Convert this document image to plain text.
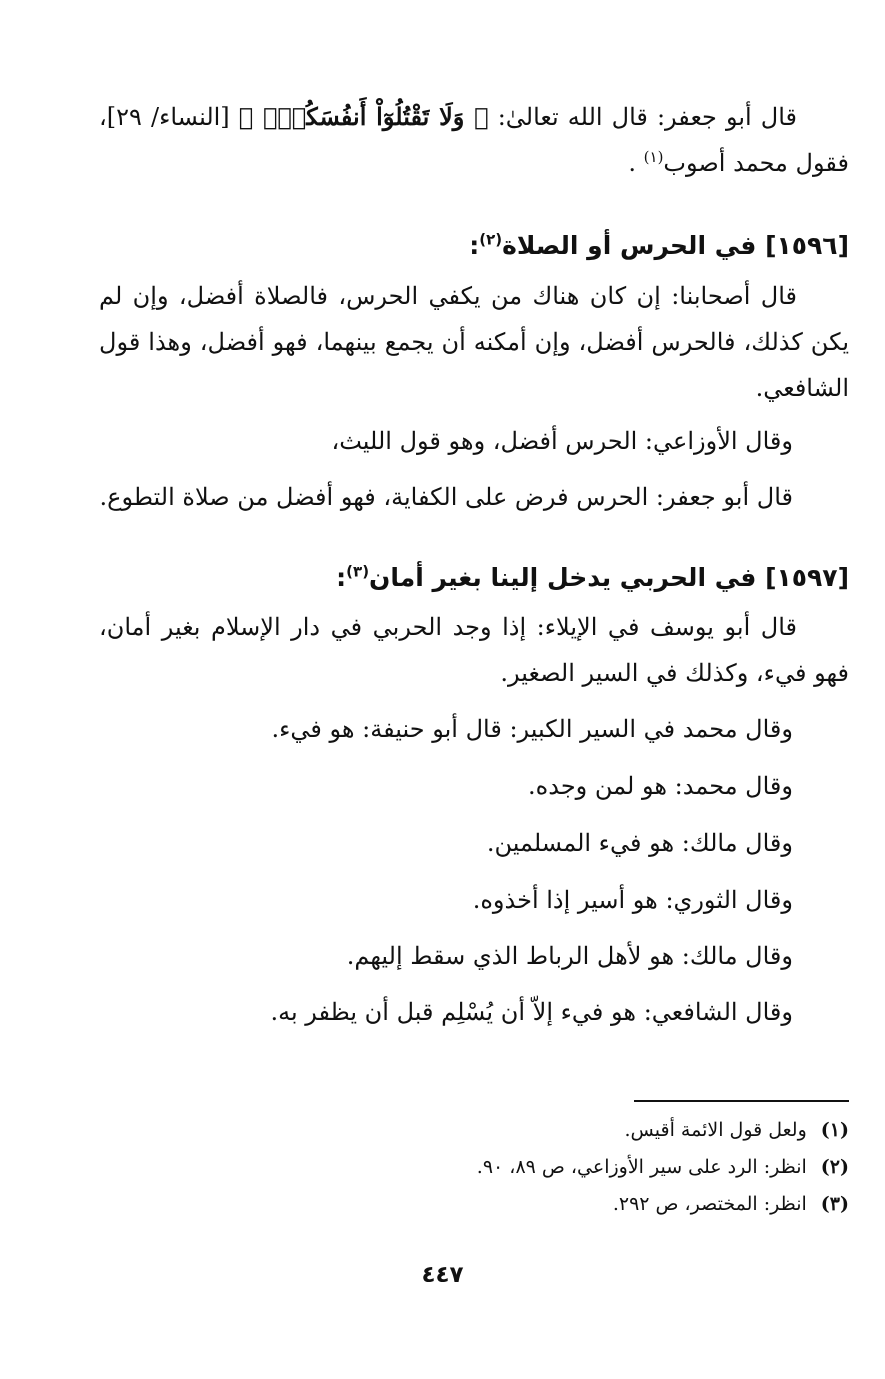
قال أبو جعفر: قال الله تعالىٰ: ﴿ وَلَا تَقْتُلُوٓاْ أَنفُسَكُمْۚ ﴾ [النساء/ ٢٩]، فقول محمد أصوب$^{(١)}$ .

[١٥٩٦] في الحرس أو الصلاة$^{(٢)}$:

قال أصحابنا: إن كان هناك من يكفي الحرس، فالصلاة أفضل، وإن لم يكن كذلك، فالحرس أفضل، وإن أمكنه أن يجمع بينهما، فهو أفضل، وهذا قول الشافعي.

وقال الأوزاعي: الحرس أفضل، وهو قول الليث،

قال أبو جعفر: الحرس فرض على الكفاية، فهو أفضل من صلاة التطوع.

[١٥٩٧] في الحربي يدخل إلينا بغير أمان$^{(٣)}$:

قال أبو يوسف في الإيلاء: إذا وجد الحربي في دار الإسلام بغير أمان، فهو فيء، وكذلك في السير الصغير.

وقال محمد في السير الكبير: قال أبو حنيفة: هو فيء.

وقال محمد: هو لمن وجده.

وقال مالك: هو فيء المسلمين.

وقال الثوري: هو أسير إذا أخذوه.

وقال مالك: هو لأهل الرباط الذي سقط إليهم.

وقال الشافعي: هو فيء إلاّ أن يُسْلِم قبل أن يظفر به.

(١)ولعل قول الائمة أقيس.

(٢)انظر: الرد على سير الأوزاعي، ص ٨٩، ٩٠.

(٣)انظر: المختصر، ص ٢٩٢.

٤٤٧
